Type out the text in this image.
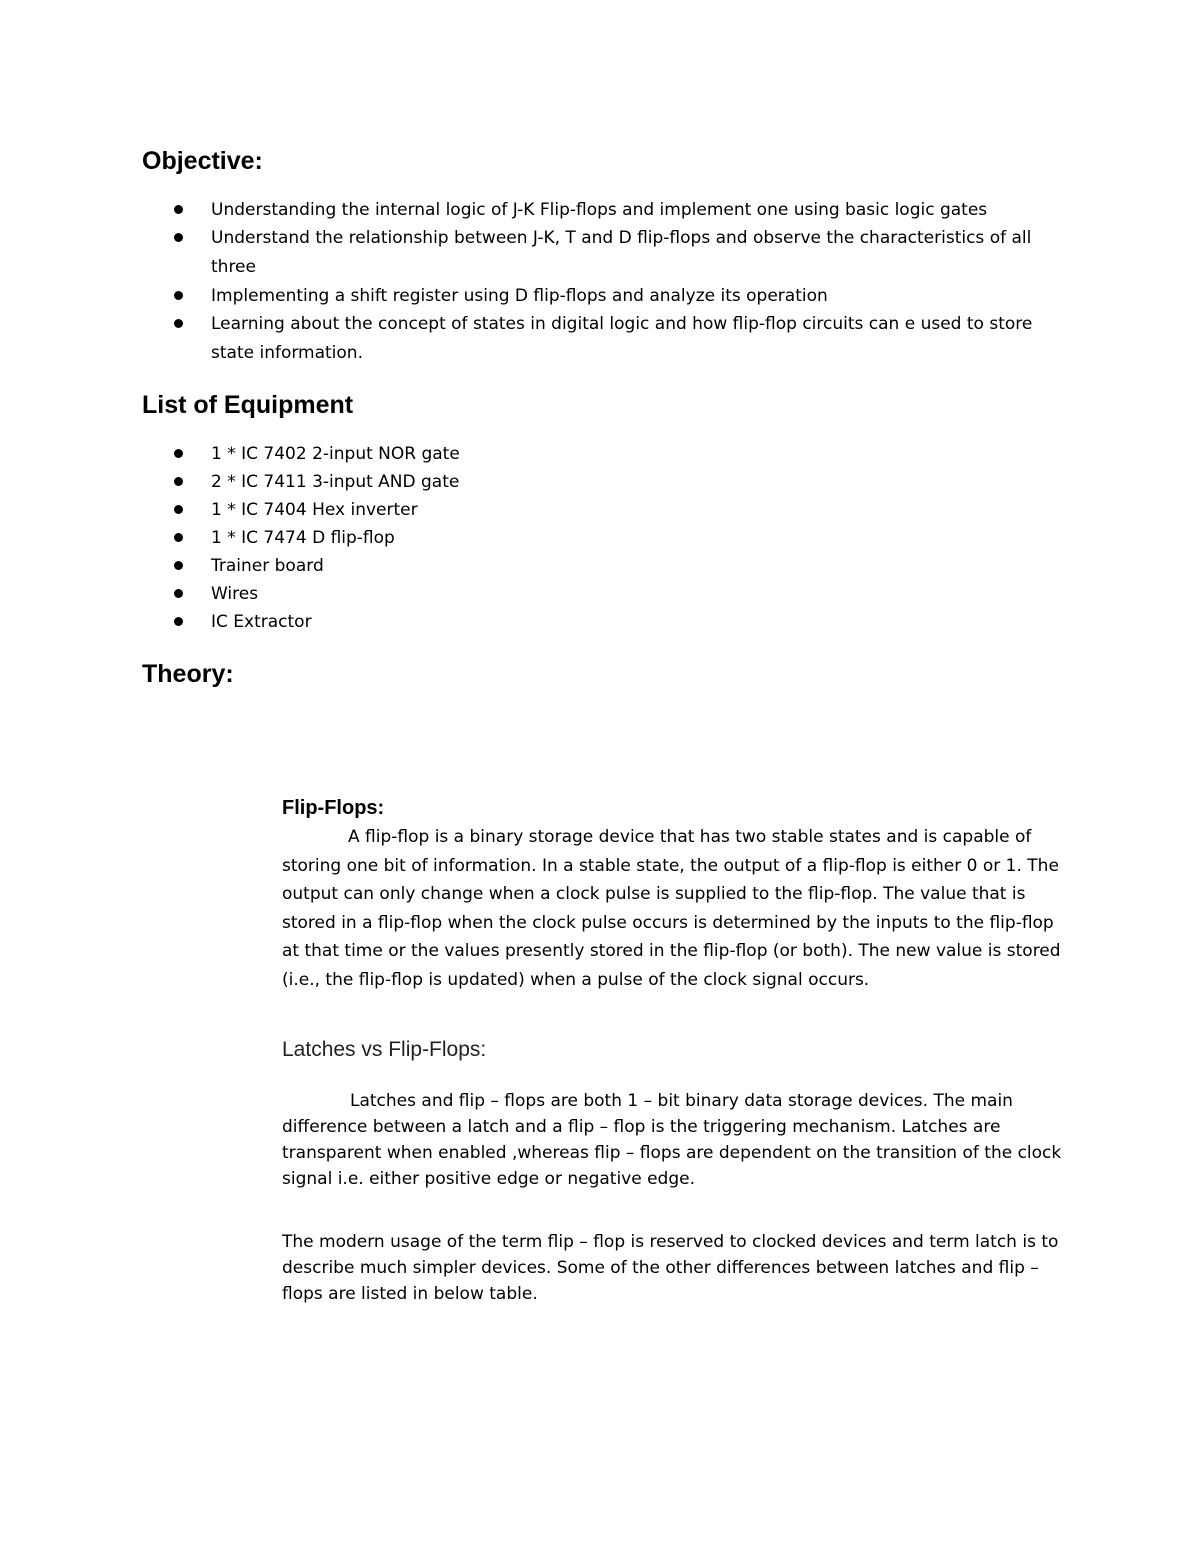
Objective:
Understanding the internal logic of J-K Flip-flops and implement one using basic logic gates
Understand the relationship between J-K, T and D flip-flops and observe the characteristics of all three
Implementing a shift register using D flip-flops and analyze its operation
Learning about the concept of states in digital logic and how flip-flop circuits can e used to store state information.
List of Equipment
1 * IC 7402 2-input NOR gate
2 * IC 7411 3-input AND gate
1 * IC 7404 Hex inverter
1 * IC 7474 D flip-flop
Trainer board
Wires
IC Extractor
Theory:
Flip-Flops:

A flip-flop is a binary storage device that has two stable states and is capable of storing one bit of information. In a stable state, the output of a flip-flop is either 0 or 1. The output can only change when a clock pulse is supplied to the flip-flop. The value that is stored in a flip-flop when the clock pulse occurs is determined by the inputs to the flip-flop at that time or the values presently stored in the flip-flop (or both). The new value is stored (i.e., the flip-flop is updated) when a pulse of the clock signal occurs.

Latches vs Flip-Flops:

Latches and flip – flops are both 1 – bit binary data storage devices. The main difference between a latch and a flip – flop is the triggering mechanism. Latches are transparent when enabled ,whereas flip – flops are dependent on the transition of the clock signal i.e. either positive edge or negative edge.

The modern usage of the term flip – flop is reserved to clocked devices and term latch is to describe much simpler devices. Some of the other differences between latches and flip – flops are listed in below table.
